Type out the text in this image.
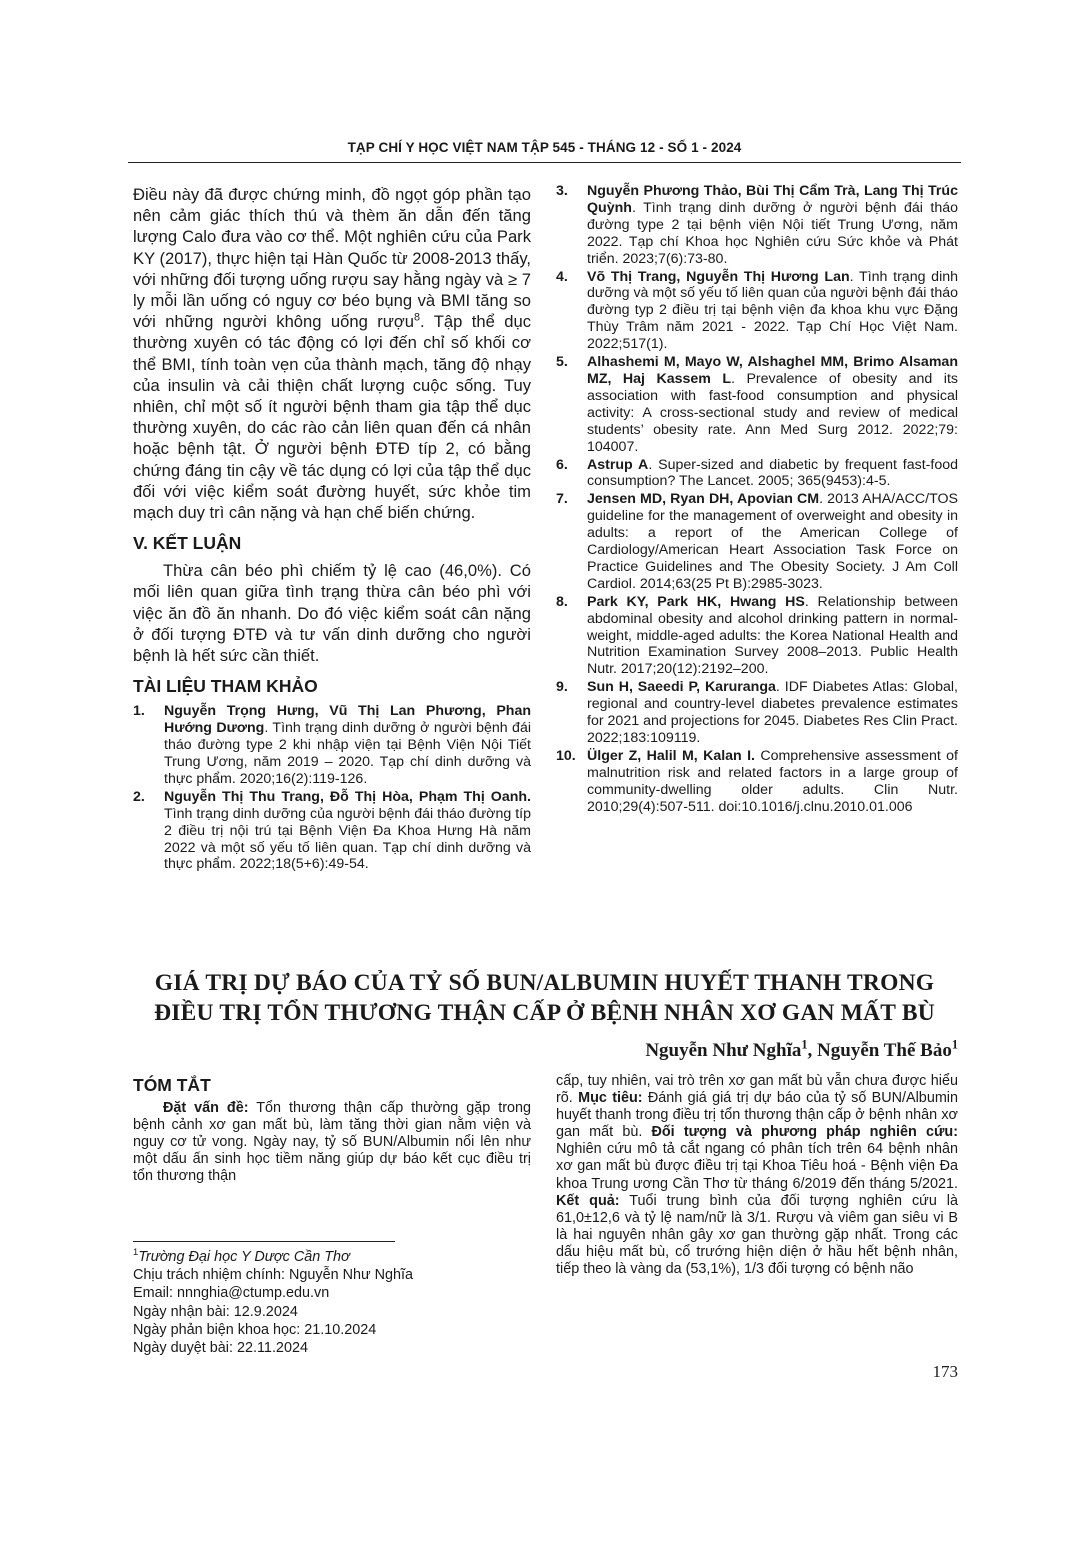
TẠP CHÍ Y HỌC VIỆT NAM TẬP 545 - THÁNG 12 - SỐ 1 - 2024

Điều này đã được chứng minh, đồ ngọt góp phần tạo nên cảm giác thích thú và thèm ăn dẫn đến tăng lượng Calo đưa vào cơ thể. Một nghiên cứu của Park KY (2017), thực hiện tại Hàn Quốc từ 2008-2013 thấy, với những đối tượng uống rượu say hằng ngày và ≥ 7 ly mỗi lần uống có nguy cơ béo bụng và BMI tăng so với những người không uống rượu$^8$. Tập thể dục thường xuyên có tác động có lợi đến chỉ số khối cơ thể BMI, tính toàn vẹn của thành mạch, tăng độ nhạy của insulin và cải thiện chất lượng cuộc sống. Tuy nhiên, chỉ một số ít người bệnh tham gia tập thể dục thường xuyên, do các rào cản liên quan đến cá nhân hoặc bệnh tật. Ở người bệnh ĐTĐ típ 2, có bằng chứng đáng tin cậy về tác dụng có lợi của tập thể dục đối với việc kiểm soát đường huyết, sức khỏe tim mạch duy trì cân nặng và hạn chế biến chứng.

V. KẾT LUẬN

Thừa cân béo phì chiếm tỷ lệ cao (46,0%). Có mối liên quan giữa tình trạng thừa cân béo phì với việc ăn đồ ăn nhanh. Do đó việc kiểm soát cân nặng ở đối tượng ĐTĐ và tư vấn dinh dưỡng cho người bệnh là hết sức cần thiết.

TÀI LIỆU THAM KHẢO
1. Nguyễn Trọng Hưng, Vũ Thị Lan Phương, Phan Hướng Dương. Tình trạng dinh dưỡng ở người bệnh đái tháo đường type 2 khi nhập viện tại Bệnh Viện Nội Tiết Trung Ương, năm 2019 – 2020. Tạp chí dinh dưỡng và thực phẩm. 2020;16(2):119-126.
2. Nguyễn Thị Thu Trang, Đỗ Thị Hòa, Phạm Thị Oanh. Tình trạng dinh dưỡng của người bệnh đái tháo đường típ 2 điều trị nội trú tại Bệnh Viện Đa Khoa Hưng Hà năm 2022 và một số yếu tố liên quan. Tạp chí dinh dưỡng và thực phẩm. 2022;18(5+6):49-54.
3. Nguyễn Phương Thảo, Bùi Thị Cẩm Trà, Lang Thị Trúc Quỳnh. Tình trạng dinh dưỡng ở người bệnh đái tháo đường type 2 tại bệnh viện Nội tiết Trung Ương, năm 2022. Tạp chí Khoa học Nghiên cứu Sức khỏe và Phát triển. 2023;7(6):73-80.
4. Võ Thị Trang, Nguyễn Thị Hương Lan. Tình trạng dinh dưỡng và một số yếu tố liên quan của người bệnh đái tháo đường typ 2 điều trị tại bệnh viện đa khoa khu vực Đặng Thùy Trâm năm 2021 - 2022. Tạp Chí Học Việt Nam. 2022;517(1).
5. Alhashemi M, Mayo W, Alshaghel MM, Brimo Alsaman MZ, Haj Kassem L. Prevalence of obesity and its association with fast-food consumption and physical activity: A cross-sectional study and review of medical students’ obesity rate. Ann Med Surg 2012. 2022;79: 104007.
6. Astrup A. Super-sized and diabetic by frequent fast-food consumption? The Lancet. 2005; 365(9453):4-5.
7. Jensen MD, Ryan DH, Apovian CM. 2013 AHA/ACC/TOS guideline for the management of overweight and obesity in adults: a report of the American College of Cardiology/American Heart Association Task Force on Practice Guidelines and The Obesity Society. J Am Coll Cardiol. 2014;63(25 Pt B):2985-3023.
8. Park KY, Park HK, Hwang HS. Relationship between abdominal obesity and alcohol drinking pattern in normal-weight, middle-aged adults: the Korea National Health and Nutrition Examination Survey 2008–2013. Public Health Nutr. 2017;20(12):2192–200.
9. Sun H, Saeedi P, Karuranga. IDF Diabetes Atlas: Global, regional and country-level diabetes prevalence estimates for 2021 and projections for 2045. Diabetes Res Clin Pract. 2022;183:109119.
10. Ülger Z, Halil M, Kalan I. Comprehensive assessment of malnutrition risk and related factors in a large group of community-dwelling older adults. Clin Nutr. 2010;29(4):507-511. doi:10.1016/j.clnu.2010.01.006
GIÁ TRỊ DỰ BÁO CỦA TỶ SỐ BUN/ALBUMIN HUYẾT THANH TRONG
ĐIỀU TRỊ TỔN THƯƠNG THẬN CẤP Ở BỆNH NHÂN XƠ GAN MẤT BÙ
Nguyễn Như Nghĩa$^1$, Nguyễn Thế Bảo$^1$
TÓM TẮT

Đặt vấn đề: Tổn thương thận cấp thường gặp trong bệnh cảnh xơ gan mất bù, làm tăng thời gian nằm viện và nguy cơ tử vong. Ngày nay, tỷ số BUN/Albumin nổi lên như một dấu ấn sinh học tiềm năng giúp dự báo kết cục điều trị tổn thương thận

$^1$Trường Đại học Y Dược Cần Thơ
Chịu trách nhiệm chính: Nguyễn Như Nghĩa
Email: nnnghia@ctump.edu.vn
Ngày nhận bài: 12.9.2024
Ngày phản biện khoa học: 21.10.2024
Ngày duyệt bài: 22.11.2024

cấp, tuy nhiên, vai trò trên xơ gan mất bù vẫn chưa được hiểu rõ. Mục tiêu: Đánh giá giá trị dự báo của tỷ số BUN/Albumin huyết thanh trong điều trị tổn thương thận cấp ở bệnh nhân xơ gan mất bù. Đối tượng và phương pháp nghiên cứu: Nghiên cứu mô tả cắt ngang có phân tích trên 64 bệnh nhân xơ gan mất bù được điều trị tại Khoa Tiêu hoá - Bệnh viện Đa khoa Trung ương Cần Thơ từ tháng 6/2019 đến tháng 5/2021. Kết quả: Tuổi trung bình của đối tượng nghiên cứu là 61,0±12,6 và tỷ lệ nam/nữ là 3/1. Rượu và viêm gan siêu vi B là hai nguyên nhân gây xơ gan thường gặp nhất. Trong các dấu hiệu mất bù, cổ trướng hiện diện ở hầu hết bệnh nhân, tiếp theo là vàng da (53,1%), 1/3 đối tượng có bệnh não

173
